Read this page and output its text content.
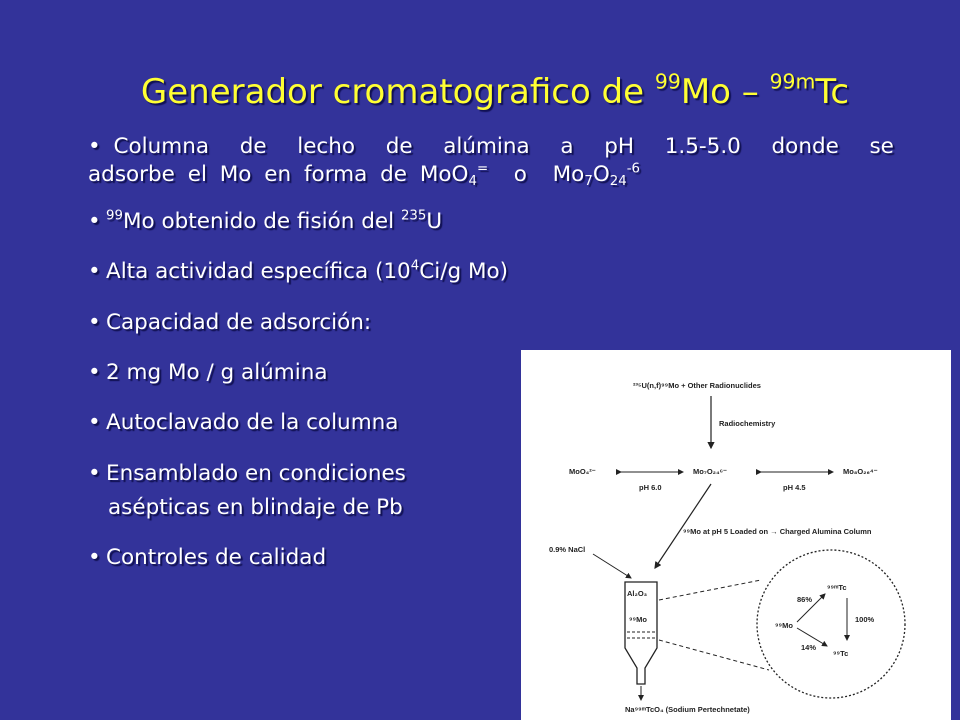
Generador cromatografico de $^{99}$Mo – $^{99m}$Tc
• Columna de lecho de alúmina a pH 1.5-5.0 donde se
adsorbe el Mo en forma de MoO$_4$=  o  $Mo_7O_{24}^{-6}$
• $^{99}$Mo obtenido de fisión del $^{235}$U
• Alta actividad específica ($10^4Ci/g$ Mo)
• Capacidad de adsorción:
• 2 mg Mo / g alúmina
• Autoclavado de la columna
• Ensamblado en condiciones
asépticas en blindaje de Pb
• Controles de calidad
²³⁵U(n,f)⁹⁹Mo + Other Radionuclides
Radiochemistry
MoO₄²⁻	Mo₇O₂₄⁶⁻	Mo₈O₂₆⁴⁻
pH 6.0	pH 4.5
⁹⁹Mo at pH 5 Loaded on → Charged Alumina Column
0.9% NaCl
Al₂O₃
⁹⁹Mo
Na⁹⁹ᵐTcO₄ (Sodium Pertechnetate)
⁹⁹Mo
86%
14%
⁹⁹ᵐTc
⁹⁹Tc
100%
